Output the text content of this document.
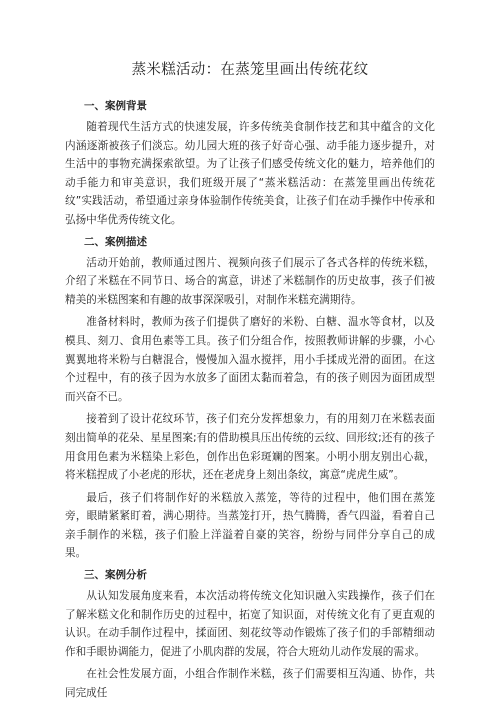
蒸米糕活动：在蒸笼里画出传统花纹
一、案例背景

随着现代生活方式的快速发展，许多传统美食制作技艺和其中蕴含的文化内涵逐渐被孩子们淡忘。幼儿园大班的孩子好奇心强、动手能力逐步提升，对生活中的事物充满探索欲望。为了让孩子们感受传统文化的魅力，培养他们的动手能力和审美意识，我们班级开展了“蒸米糕活动：在蒸笼里画出传统花纹”实践活动，希望通过亲身体验制作传统美食，让孩子们在动手操作中传承和弘扬中华优秀传统文化。

二、案例描述

活动开始前，教师通过图片、视频向孩子们展示了各式各样的传统米糕，介绍了米糕在不同节日、场合的寓意，讲述了米糕制作的历史故事，孩子们被精美的米糕图案和有趣的故事深深吸引，对制作米糕充满期待。

准备材料时，教师为孩子们提供了磨好的米粉、白糖、温水等食材，以及模具、刻刀、食用色素等工具。孩子们分组合作，按照教师讲解的步骤，小心翼翼地将米粉与白糖混合，慢慢加入温水搅拌，用小手揉成光滑的面团。在这个过程中，有的孩子因为水放多了面团太黏而着急，有的孩子则因为面团成型而兴奋不已。

接着到了设计花纹环节，孩子们充分发挥想象力，有的用刻刀在米糕表面刻出简单的花朵、星星图案;有的借助模具压出传统的云纹、回形纹;还有的孩子用食用色素为米糕染上彩色，创作出色彩斑斓的图案。小明小朋友别出心裁，将米糕捏成了小老虎的形状，还在老虎身上刻出条纹，寓意“虎虎生威”。

最后，孩子们将制作好的米糕放入蒸笼，等待的过程中，他们围在蒸笼旁，眼睛紧紧盯着，满心期待。当蒸笼打开，热气腾腾，香气四溢，看着自己亲手制作的米糕，孩子们脸上洋溢着自豪的笑容，纷纷与同伴分享自己的成果。

三、案例分析

从认知发展角度来看，本次活动将传统文化知识融入实践操作，孩子们在了解米糕文化和制作历史的过程中，拓宽了知识面，对传统文化有了更直观的认识。在动手制作过程中，揉面团、刻花纹等动作锻炼了孩子们的手部精细动作和手眼协调能力，促进了小肌肉群的发展，符合大班幼儿动作发展的需求。

在社会性发展方面，小组合作制作米糕，孩子们需要相互沟通、协作，共同完成任
